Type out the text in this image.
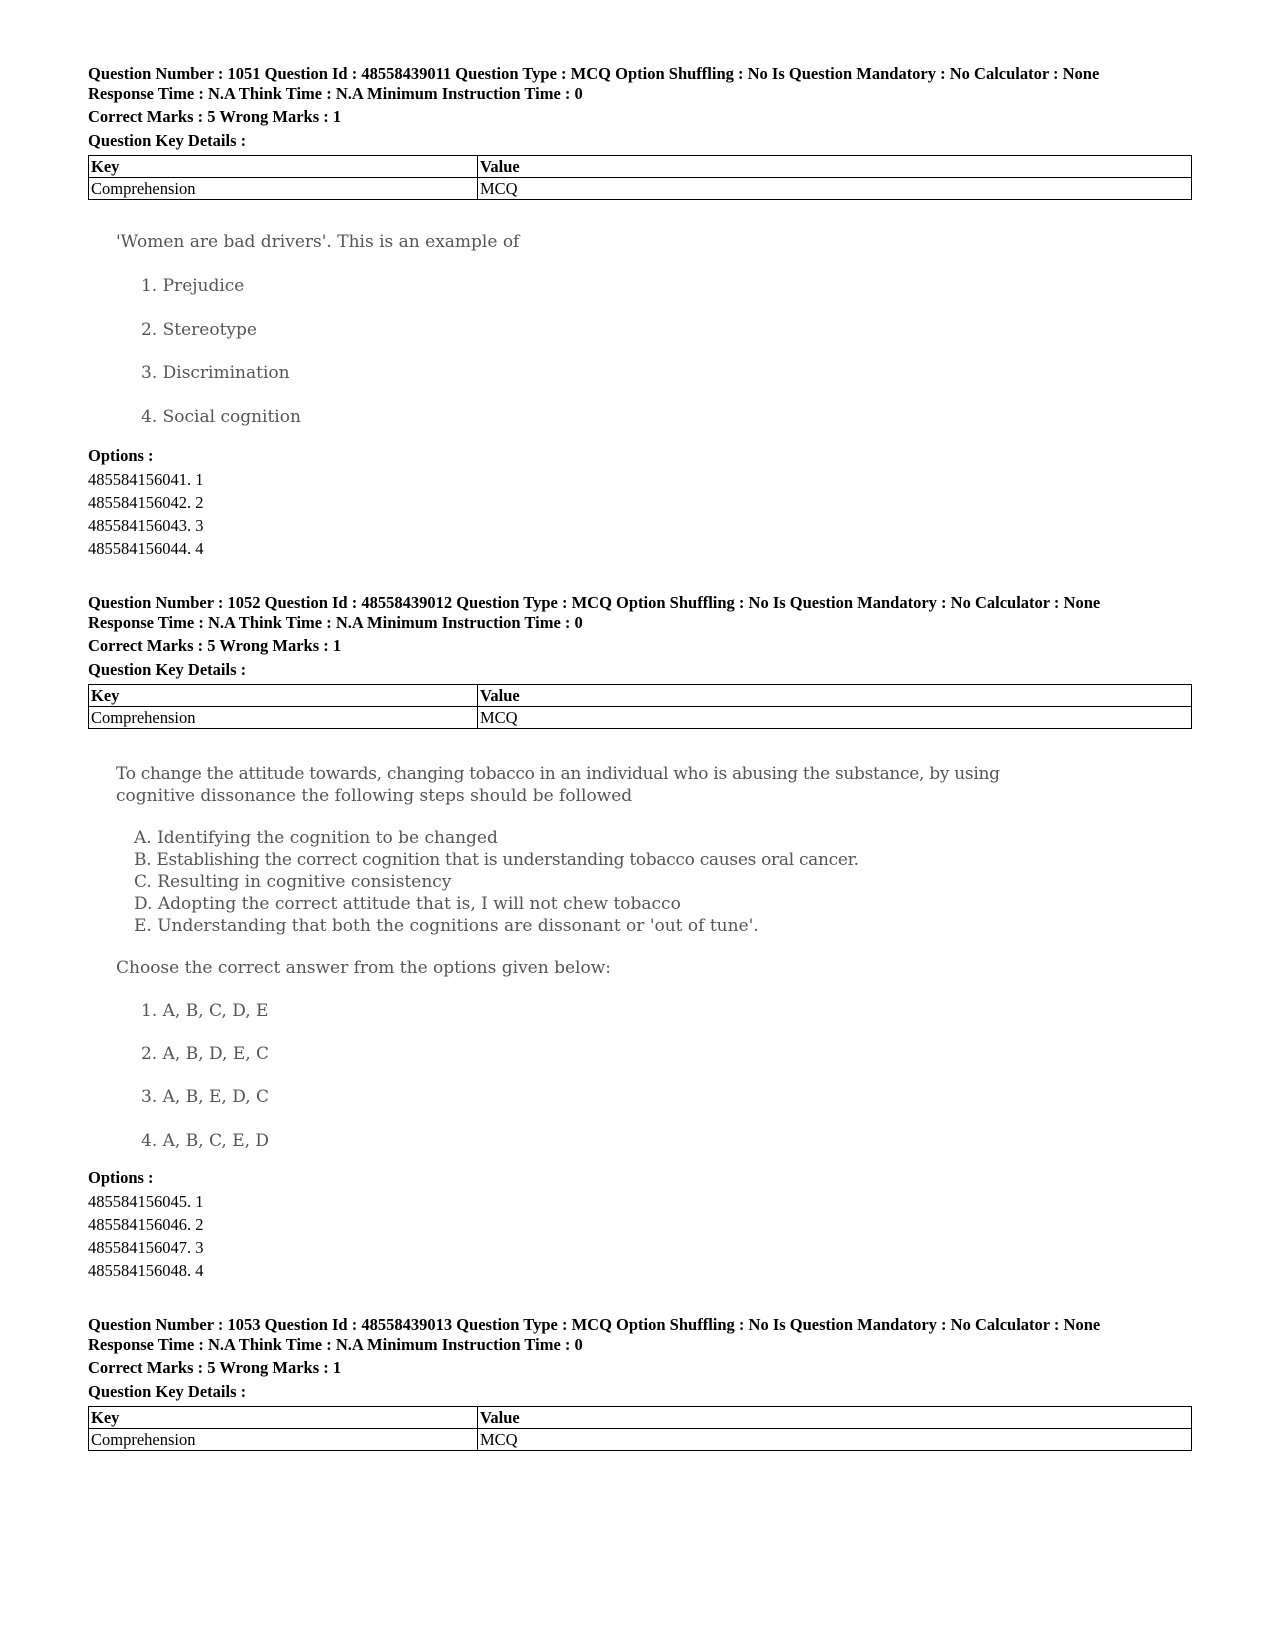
Question Number : 1051 Question Id : 48558439011 Question Type : MCQ Option Shuffling : No Is Question Mandatory : No Calculator : None
Response Time : N.A Think Time : N.A Minimum Instruction Time : 0
Correct Marks : 5 Wrong Marks : 1
Question Key Details :
Key	Value
Comprehension	MCQ
'Women are bad drivers'. This is an example of
1. Prejudice
2. Stereotype
3. Discrimination
4. Social cognition
Options :
485584156041. 1
485584156042. 2
485584156043. 3
485584156044. 4
Question Number : 1052 Question Id : 48558439012 Question Type : MCQ Option Shuffling : No Is Question Mandatory : No Calculator : None
Response Time : N.A Think Time : N.A Minimum Instruction Time : 0
Correct Marks : 5 Wrong Marks : 1
Question Key Details :
Key	Value
Comprehension	MCQ
To change the attitude towards, changing tobacco in an individual who is abusing the substance, by using
cognitive dissonance the following steps should be followed
A. Identifying the cognition to be changed
B. Establishing the correct cognition that is understanding tobacco causes oral cancer.
C. Resulting in cognitive consistency
D. Adopting the correct attitude that is, I will not chew tobacco
E. Understanding that both the cognitions are dissonant or 'out of tune'.
Choose the correct answer from the options given below:
1. A, B, C, D, E
2. A, B, D, E, C
3. A, B, E, D, C
4. A, B, C, E, D
Options :
485584156045. 1
485584156046. 2
485584156047. 3
485584156048. 4
Question Number : 1053 Question Id : 48558439013 Question Type : MCQ Option Shuffling : No Is Question Mandatory : No Calculator : None
Response Time : N.A Think Time : N.A Minimum Instruction Time : 0
Correct Marks : 5 Wrong Marks : 1
Question Key Details :
Key	Value
Comprehension	MCQ
